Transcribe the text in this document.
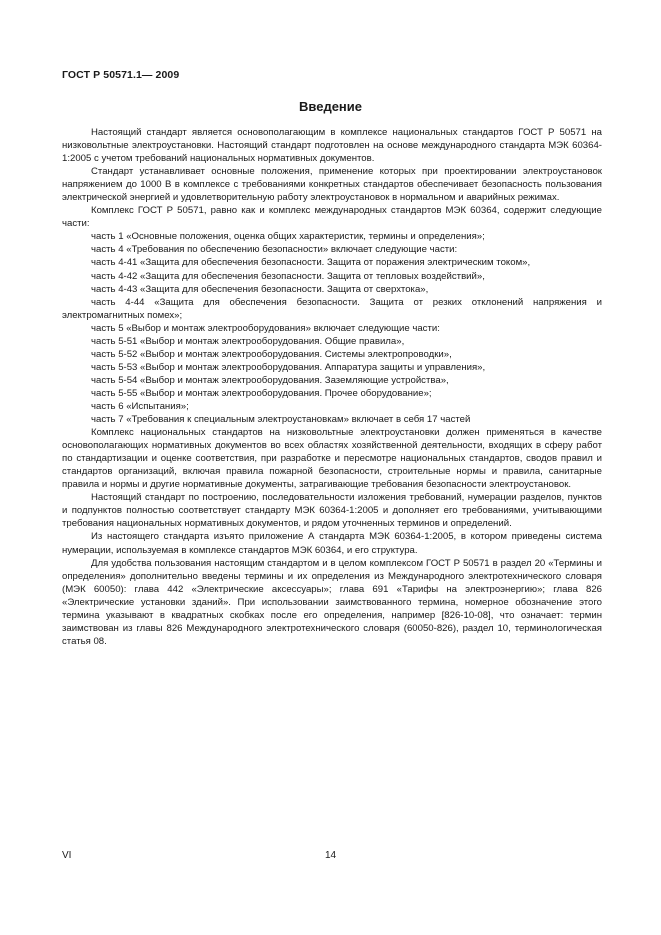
ГОСТ Р 50571.1— 2009
Введение

Настоящий стандарт является основополагающим в комплексе национальных стандартов ГОСТ Р 50571 на низковольтные электроустановки. Настоящий стандарт подготовлен на основе международного стандарта МЭК 60364-1:2005 с учетом требований национальных нормативных документов.

Стандарт устанавливает основные положения, применение которых при проектировании электроустановок напряжением до 1000 В в комплексе с требованиями конкретных стандартов обеспечивает безопасность пользования электрической энергией и удовлетворительную работу электроустановок в нормальном и аварийных режимах.

Комплекс ГОСТ Р 50571, равно как и комплекс международных стандартов МЭК 60364, содержит следующие части:

часть 1 «Основные положения, оценка общих характеристик, термины и определения»;

часть 4 «Требования по обеспечению безопасности» включает следующие части:

часть 4-41 «Защита для обеспечения безопасности. Защита от поражения электрическим током»,

часть 4-42 «Защита для обеспечения безопасности. Защита от тепловых воздействий»,

часть 4-43 «Защита для обеспечения безопасности. Защита от сверхтока»,

часть 4-44 «Защита для обеспечения безопасности. Защита от резких отклонений напряжения и электромагнитных помех»;

часть 5 «Выбор и монтаж электрооборудования» включает следующие части:

часть 5-51 «Выбор и монтаж электрооборудования. Общие правила»,

часть 5-52 «Выбор и монтаж электрооборудования. Системы электропроводки»,

часть 5-53 «Выбор и монтаж электрооборудования. Аппаратура защиты и управления»,

часть 5-54 «Выбор и монтаж электрооборудования. Заземляющие устройства»,

часть 5-55 «Выбор и монтаж электрооборудования. Прочее оборудование»;

часть 6 «Испытания»;

часть 7 «Требования к специальным электроустановкам» включает в себя 17 частей

Комплекс национальных стандартов на низковольтные электроустановки должен применяться в качестве основополагающих нормативных документов во всех областях хозяйственной деятельности, входящих в сферу работ по стандартизации и оценке соответствия, при разработке и пересмотре национальных стандартов, сводов правил и стандартов организаций, включая правила пожарной безопасности, строительные нормы и правила, санитарные правила и нормы и другие нормативные документы, затрагивающие требования безопасности электроустановок.

Настоящий стандарт по построению, последовательности изложения требований, нумерации разделов, пунктов и подпунктов полностью соответствует стандарту МЭК 60364-1:2005 и дополняет его требованиями, учитывающими требования национальных нормативных документов, и рядом уточненных терминов и определений.

Из настоящего стандарта изъято приложение А стандарта МЭК 60364-1:2005, в котором приведены система нумерации, используемая в комплексе стандартов МЭК 60364, и его структура.

Для удобства пользования настоящим стандартом и в целом комплексом ГОСТ Р 50571 в раздел 20 «Термины и определения» дополнительно введены термины и их определения из Международного электротехнического словаря (МЭК 60050): глава 442 «Электрические аксессуары»; глава 691 «Тарифы на электроэнергию»; глава 826 «Электрические установки зданий». При использовании заимствованного термина, номерное обозначение этого термина указывают в квадратных скобках после его определения, например [826-10-08], что означает: термин заимствован из главы 826 Международного электротехнического словаря (60050-826), раздел 10, терминологическая статья 08.

VI	14
